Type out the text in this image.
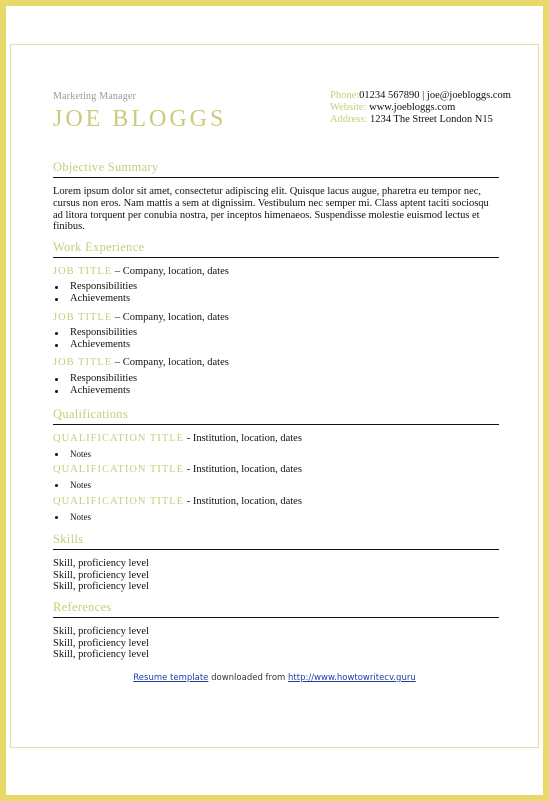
Marketing Manager
JOE BLOGGS
Phone:01234 567890 | joe@joebloggs.com
Website: www.joebloggs.com
Address: 1234 The Street London N15
Objective Summary
Lorem ipsum dolor sit amet, consectetur adipiscing elit. Quisque lacus augue, pharetra eu tempor nec, cursus non eros. Nam mattis a sem at dignissim. Vestibulum nec semper mi. Class aptent taciti sociosqu ad litora torquent per conubia nostra, per inceptos himenaeos. Suspendisse molestie euismod lectus et finibus.
Work Experience
JOB TITLE – Company, location, dates
Responsibilities
Achievements
JOB TITLE – Company, location, dates
Responsibilities
Achievements
JOB TITLE – Company, location, dates
Responsibilities
Achievements
Qualifications
QUALIFICATION TITLE - Institution, location, dates
Notes
QUALIFICATION TITLE - Institution, location, dates
Notes
QUALIFICATION TITLE - Institution, location, dates
Notes
Skills
Skill, proficiency level
Skill, proficiency level
Skill, proficiency level
References
Skill, proficiency level
Skill, proficiency level
Skill, proficiency level
Resume template downloaded from http://www.howtowritecv.guru
